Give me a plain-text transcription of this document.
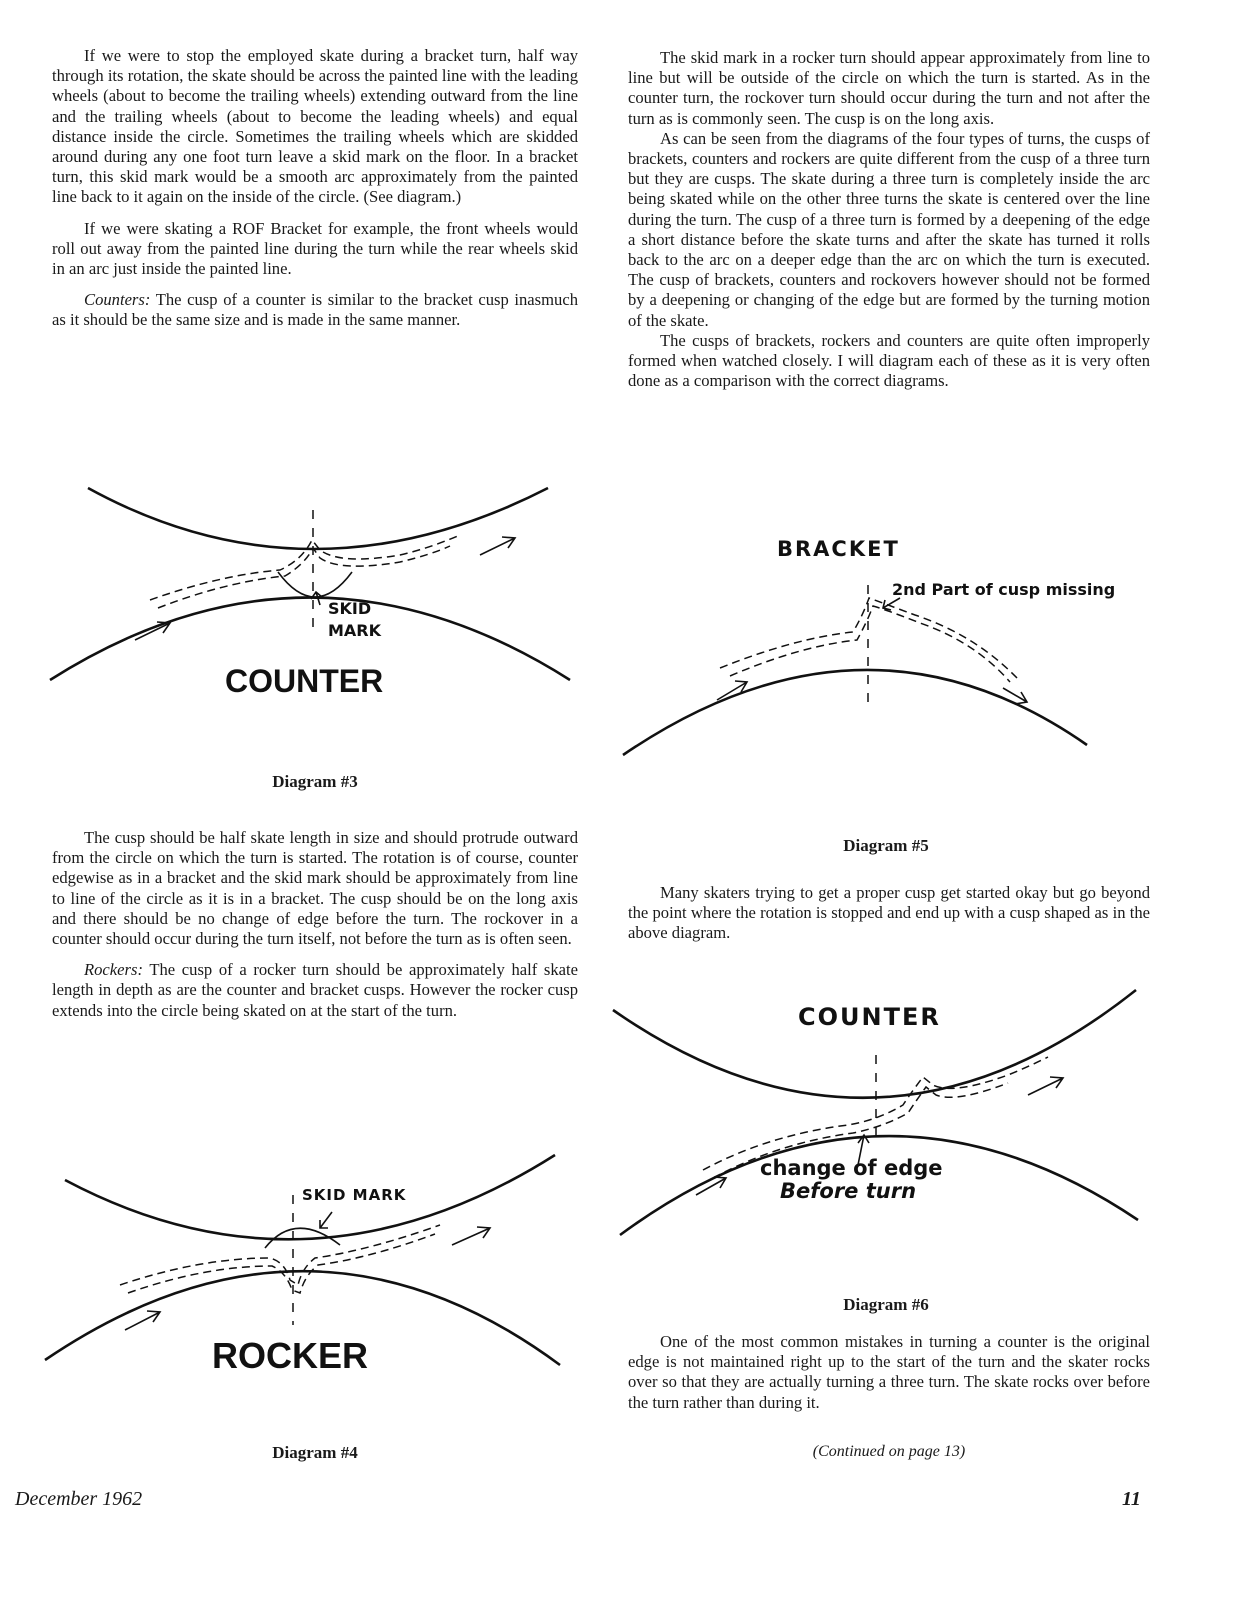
If we were to stop the employed skate during a bracket turn, half way through its rotation, the skate should be across the painted line with the leading wheels (about to become the trailing wheels) extending outward from the line and the trailing wheels (about to become the leading wheels) and equal distance inside the circle. Sometimes the trailing wheels which are skidded around during any one foot turn leave a skid mark on the floor. In a bracket turn, this skid mark would be a smooth arc approximately from the painted line back to it again on the inside of the circle. (See diagram.)

If we were skating a ROF Bracket for example, the front wheels would roll out away from the painted line during the turn while the rear wheels skid in an arc just inside the painted line.

Counters: The cusp of a counter is similar to the bracket cusp inasmuch as it should be the same size and is made in the same manner.

The skid mark in a rocker turn should appear approximately from line to line but will be outside of the circle on which the turn is started. As in the counter turn, the rockover turn should occur during the turn and not after the turn as is commonly seen. The cusp is on the long axis.

As can be seen from the diagrams of the four types of turns, the cusps of brackets, counters and rockers are quite different from the cusp of a three turn but they are cusps. The skate during a three turn is completely inside the arc being skated while on the other three turns the skate is centered over the line during the turn. The cusp of a three turn is formed by a deepening of the edge a short distance before the skate turns and after the skate has turned it rolls back to the arc on a deeper edge than the arc on which the turn is executed. The cusp of brackets, counters and rockovers however should not be formed by a deepening or changing of the edge but are formed by the turning motion of the skate.

The cusps of brackets, rockers and counters are quite often improperly formed when watched closely. I will diagram each of these as it is very often done as a comparison with the correct diagrams.

SKID
MARK
COUNTER
Diagram #3
BRACKET
2nd Part of cusp missing
Diagram #5

The cusp should be half skate length in size and should protrude outward from the circle on which the turn is started. The rotation is of course, counter edgewise as in a bracket and the skid mark should be approximately from line to line of the circle as it is in a bracket. The cusp should be on the long axis and there should be no change of edge before the turn. The rockover in a counter should occur during the turn itself, not before the turn as is often seen.

Rockers: The cusp of a rocker turn should be approximately half skate length in depth as are the counter and bracket cusps. However the rocker cusp extends into the circle being skated on at the start of the turn.

Many skaters trying to get a proper cusp get started okay but go beyond the point where the rotation is stopped and end up with a cusp shaped as in the above diagram.

COUNTER
change of edge
Before turn
Diagram #6

One of the most common mistakes in turning a counter is the original edge is not maintained right up to the start of the turn and the skater rocks over so that they are actually turning a three turn. The skate rocks over before the turn rather than during it.

(Continued on page 13)
SKID MARK
ROCKER
Diagram #4
December 1962	11
